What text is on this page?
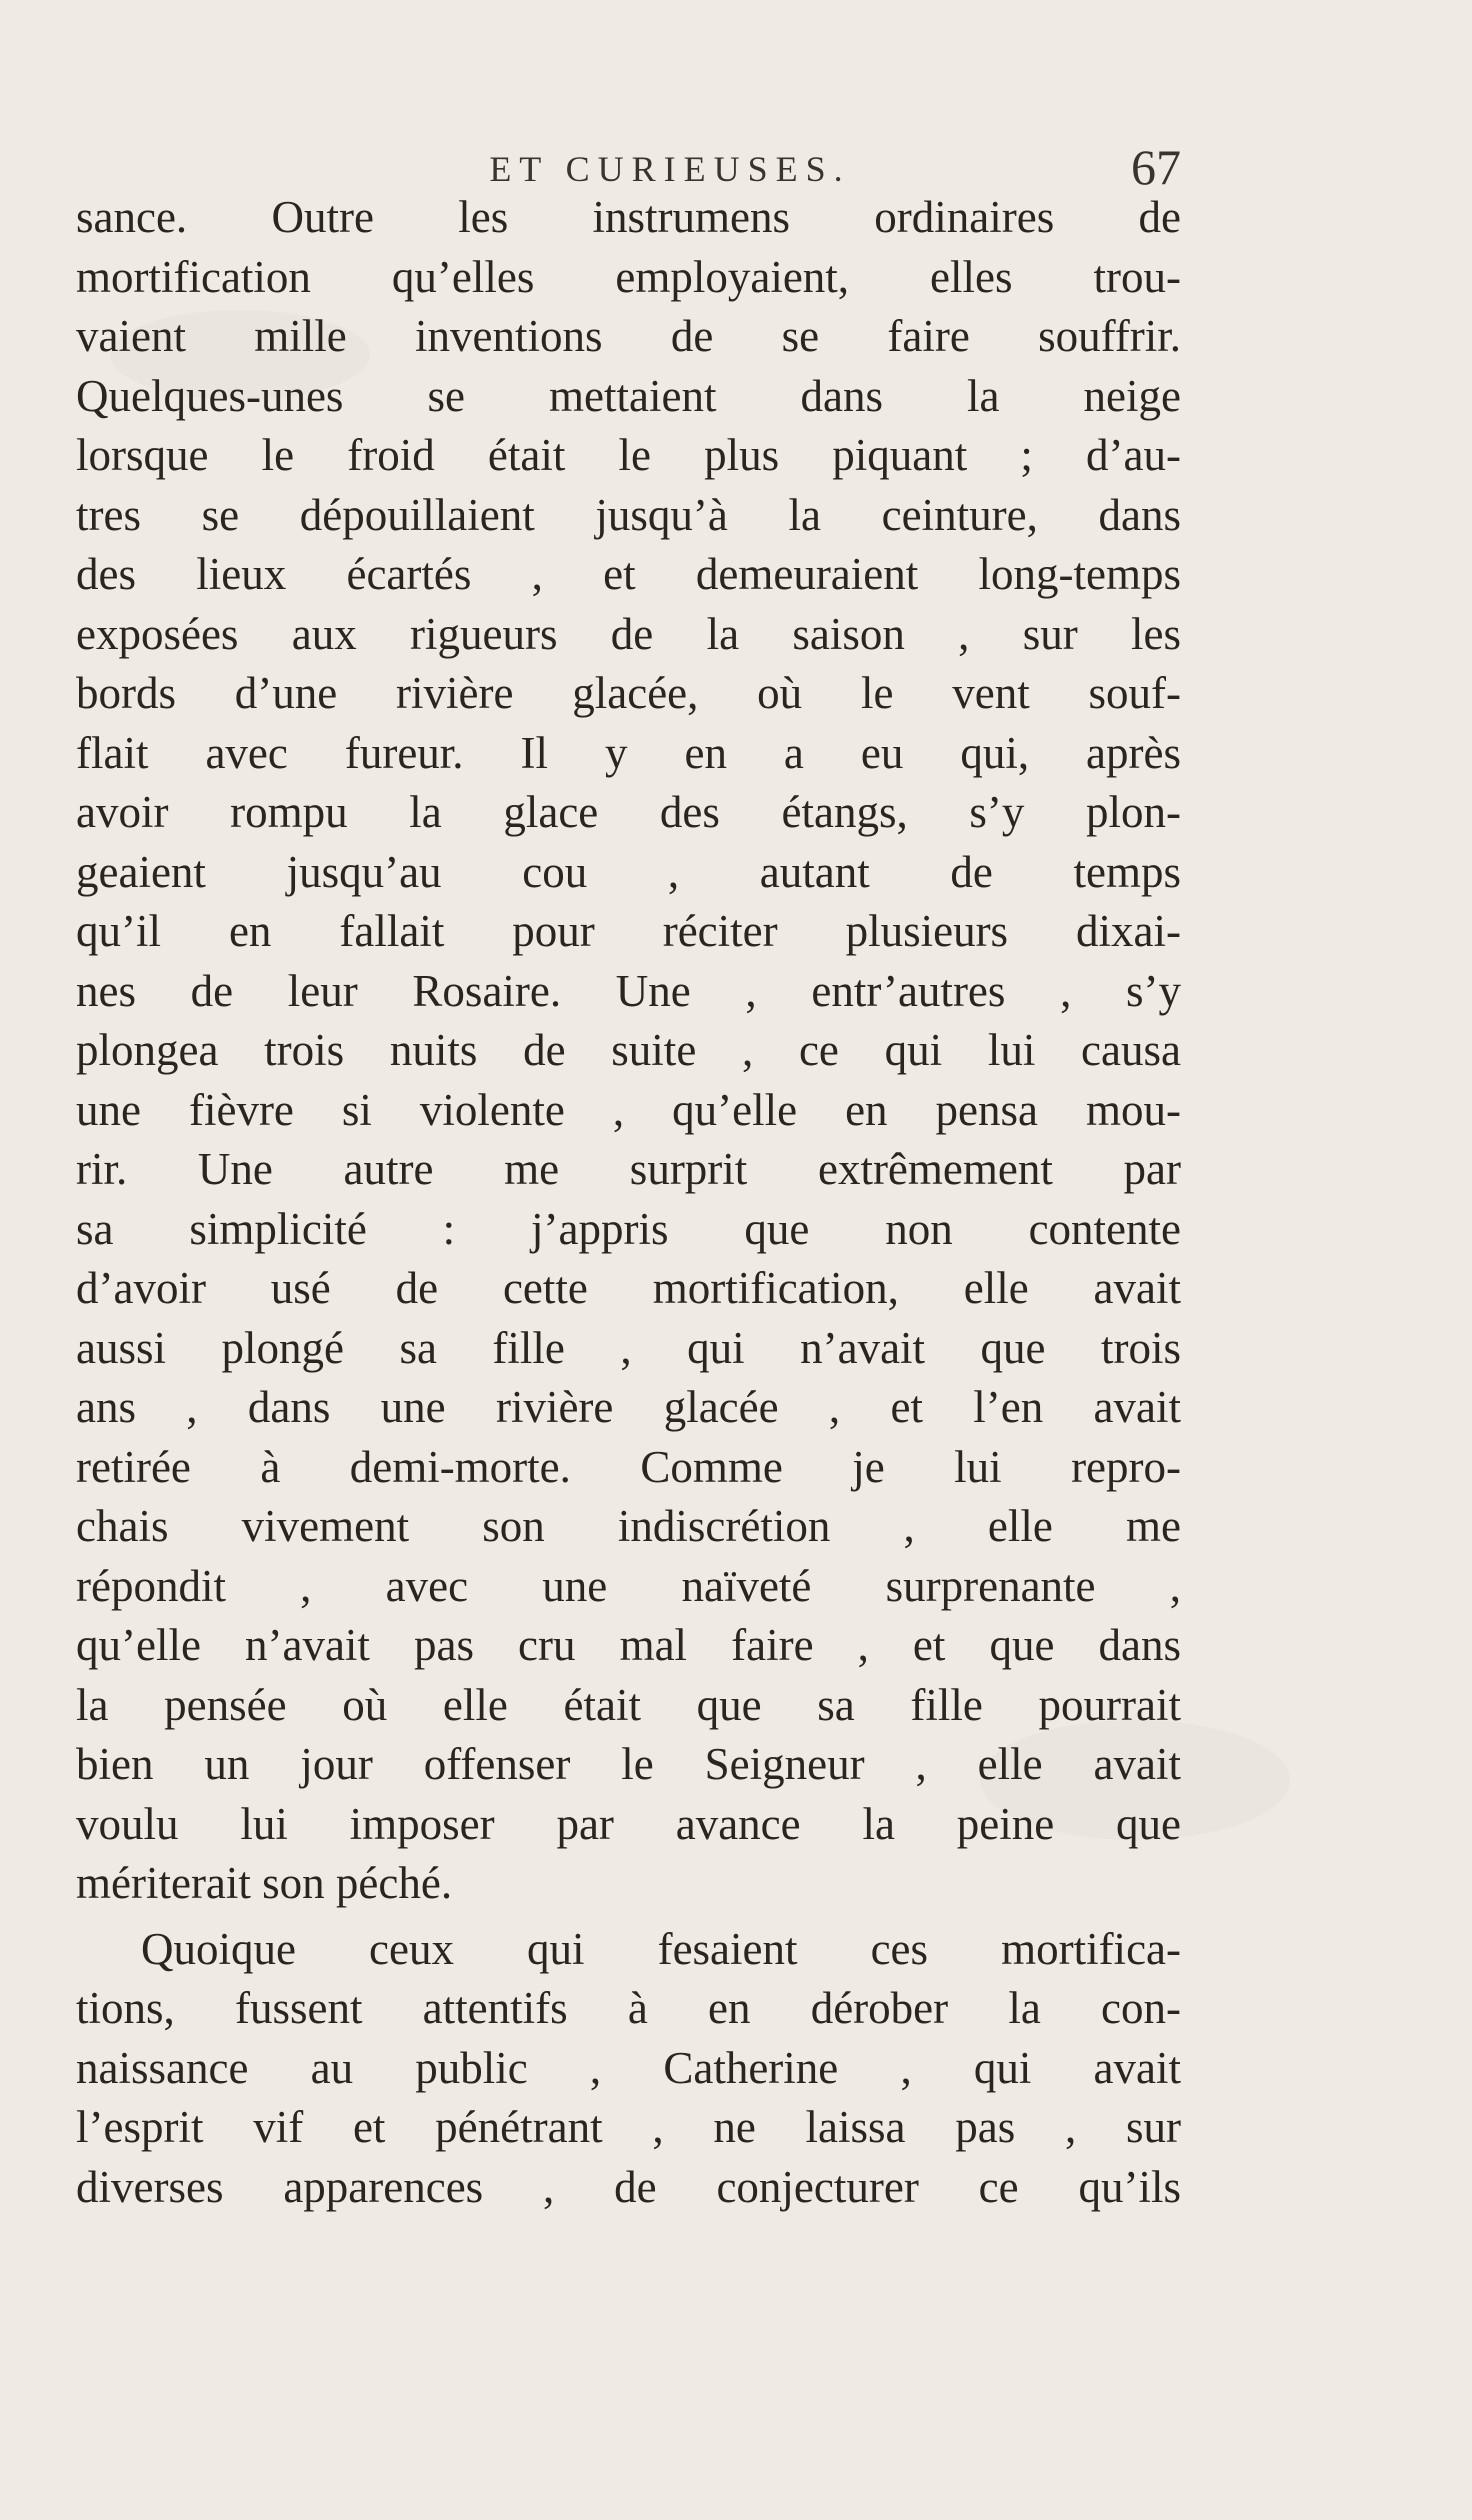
ET CURIEUSES.	67
sance. Outre les instrumens ordinaires de
mortification qu’elles employaient, elles trou-
vaient mille inventions de se faire souffrir.
Quelques-unes se mettaient dans la neige
lorsque le froid était le plus piquant ; d’au-
tres se dépouillaient jusqu’à la ceinture, dans
des lieux écartés , et demeuraient long-temps
exposées aux rigueurs de la saison , sur les
bords d’une rivière glacée, où le vent souf-
flait avec fureur. Il y en a eu qui, après
avoir rompu la glace des étangs, s’y plon-
geaient jusqu’au cou , autant de temps
qu’il en fallait pour réciter plusieurs dixai-
nes de leur Rosaire. Une , entr’autres , s’y
plongea trois nuits de suite , ce qui lui causa
une fièvre si violente , qu’elle en pensa mou-
rir. Une autre me surprit extrêmement par
sa simplicité : j’appris que non contente
d’avoir usé de cette mortification, elle avait
aussi plongé sa fille , qui n’avait que trois
ans , dans une rivière glacée , et l’en avait
retirée à demi-morte. Comme je lui repro-
chais vivement son indiscrétion , elle me
répondit , avec une naïveté surprenante ,
qu’elle n’avait pas cru mal faire , et que dans
la pensée où elle était que sa fille pourrait
bien un jour offenser le Seigneur , elle avait
voulu lui imposer par avance la peine que
mériterait son péché.
Quoique ceux qui fesaient ces mortifica-
tions, fussent attentifs à en dérober la con-
naissance au public , Catherine , qui avait
l’esprit vif et pénétrant , ne laissa pas , sur
diverses apparences , de conjecturer ce qu’ils
